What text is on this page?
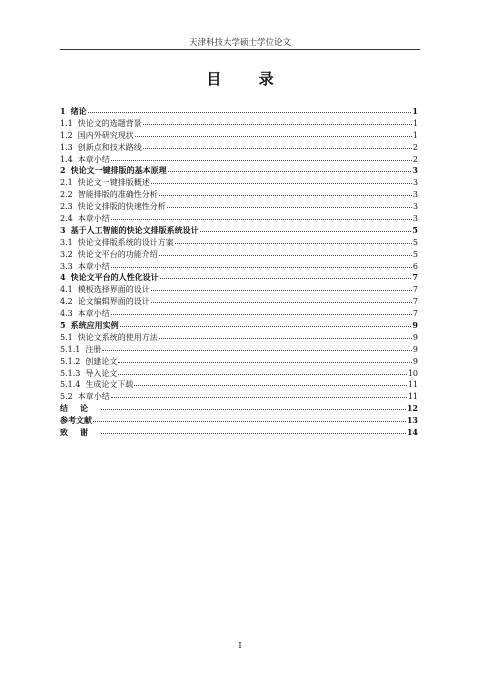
天津科技大学硕士学位论文
目 录
1 绪论	1
1.1 快论文的选题背景	1
1.2 国内外研究现状	1
1.3 创新点和技术路线	2
1.4 本章小结	2
2 快论文一键排版的基本原理	3
2.1 快论文一键排版概述	3
2.2 智能排版的准确性分析	3
2.3 快论文排版的快速性分析	3
2.4 本章小结	3
3 基于人工智能的快论文排版系统设计	5
3.1 快论文排版系统的设计方案	5
3.2 快论文平台的功能介绍	5
3.3 本章小结	6
4 快论文平台的人性化设计	7
4.1 模板选择界面的设计	7
4.2 论文编辑界面的设计	7
4.3 本章小结	7
5 系统应用实例	9
5.1 快论文系统的使用方法	9
5.1.1 注册	9
5.1.2 创建论文	9
5.1.3 导入论文	10
5.1.4 生成论文下载	11
5.2 本章小结	11
结论	12
参考文献	13
致谢	14
I
